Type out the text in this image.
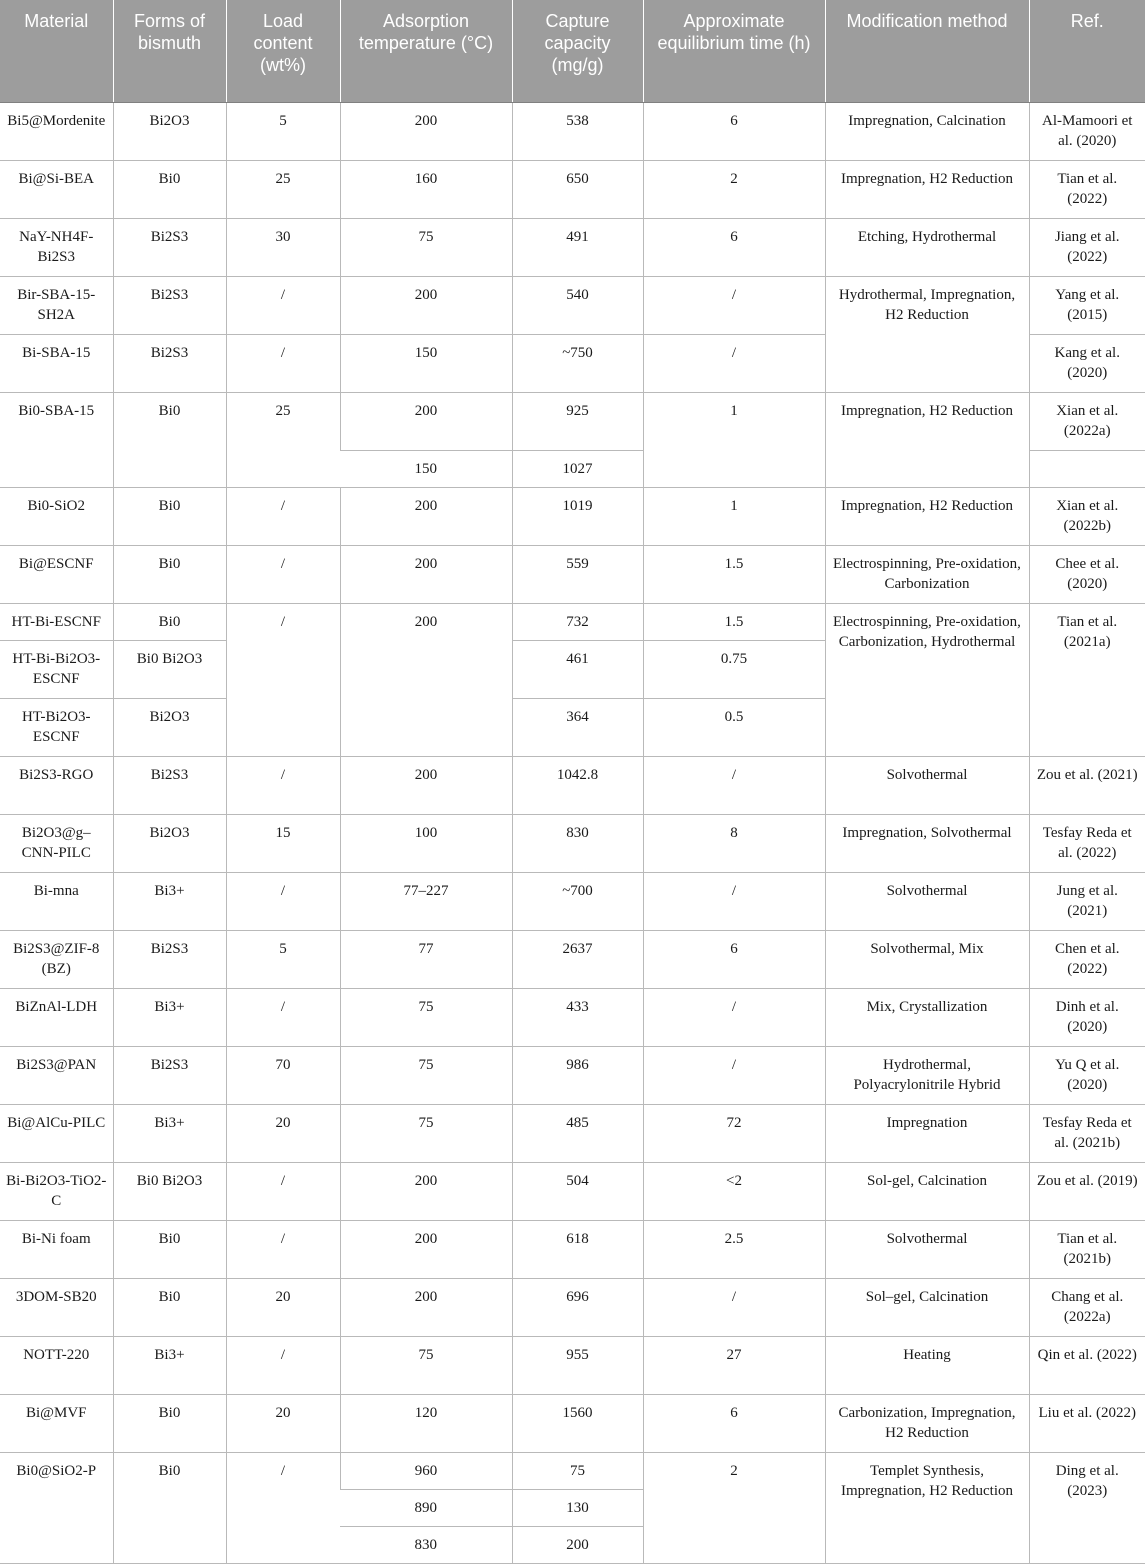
Material	Forms of bismuth	Load content (wt%)	Adsorption temperature (°C)	Capture capacity (mg/g)	Approximate equilibrium time (h)	Modification method	Ref.
Bi5@Mordenite	Bi2O3	5	200	538	6	Impregnation, Calcination	Al-Mamoori et al. (2020)
Bi@Si-BEA	Bi0	25	160	650	2	Impregnation, H2 Reduction	Tian et al. (2022)
NaY-NH4F-Bi2S3	Bi2S3	30	75	491	6	Etching, Hydrothermal	Jiang et al. (2022)
Bir-SBA-15-SH2A	Bi2S3	/	200	540	/	Hydrothermal, Impregnation, H2 Reduction	Yang et al. (2015)
Bi-SBA-15	Bi2S3	/	150	~750	/		Kang et al. (2020)
Bi0-SBA-15	Bi0	25	200	925	1	Impregnation, H2 Reduction	Xian et al. (2022a)
			150	1027			
Bi0-SiO2	Bi0	/	200	1019	1	Impregnation, H2 Reduction	Xian et al. (2022b)
Bi@ESCNF	Bi0	/	200	559	1.5	Electrospinning, Pre-oxidation, Carbonization	Chee et al. (2020)
HT-Bi-ESCNF	Bi0	/	200	732	1.5	Electrospinning, Pre-oxidation, Carbonization, Hydrothermal	Tian et al. (2021a)
HT-Bi-Bi2O3-ESCNF	Bi0 Bi2O3			461	0.75		
HT-Bi2O3-ESCNF	Bi2O3			364	0.5		
Bi2S3-RGO	Bi2S3	/	200	1042.8	/	Solvothermal	Zou et al. (2021)
Bi2O3@g–CNN-PILC	Bi2O3	15	100	830	8	Impregnation, Solvothermal	Tesfay Reda et al. (2022)
Bi-mna	Bi3+	/	77–227	~700	/	Solvothermal	Jung et al. (2021)
Bi2S3@ZIF-8 (BZ)	Bi2S3	5	77	2637	6	Solvothermal, Mix	Chen et al. (2022)
BiZnAl-LDH	Bi3+	/	75	433	/	Mix, Crystallization	Dinh et al. (2020)
Bi2S3@PAN	Bi2S3	70	75	986	/	Hydrothermal, Polyacrylonitrile Hybrid	Yu Q et al. (2020)
Bi@AlCu-PILC	Bi3+	20	75	485	72	Impregnation	Tesfay Reda et al. (2021b)
Bi-Bi2O3-TiO2-C	Bi0 Bi2O3	/	200	504	<2	Sol-gel, Calcination	Zou et al. (2019)
Bi-Ni foam	Bi0	/	200	618	2.5	Solvothermal	Tian et al. (2021b)
3DOM-SB20	Bi0	20	200	696	/	Sol–gel, Calcination	Chang et al. (2022a)
NOTT-220	Bi3+	/	75	955	27	Heating	Qin et al. (2022)
Bi@MVF	Bi0	20	120	1560	6	Carbonization, Impregnation, H2 Reduction	Liu et al. (2022)
Bi0@SiO2-P	Bi0	/	960	75	2	Templet Synthesis, Impregnation, H2 Reduction	Ding et al. (2023)
			890	130			
			830	200			
